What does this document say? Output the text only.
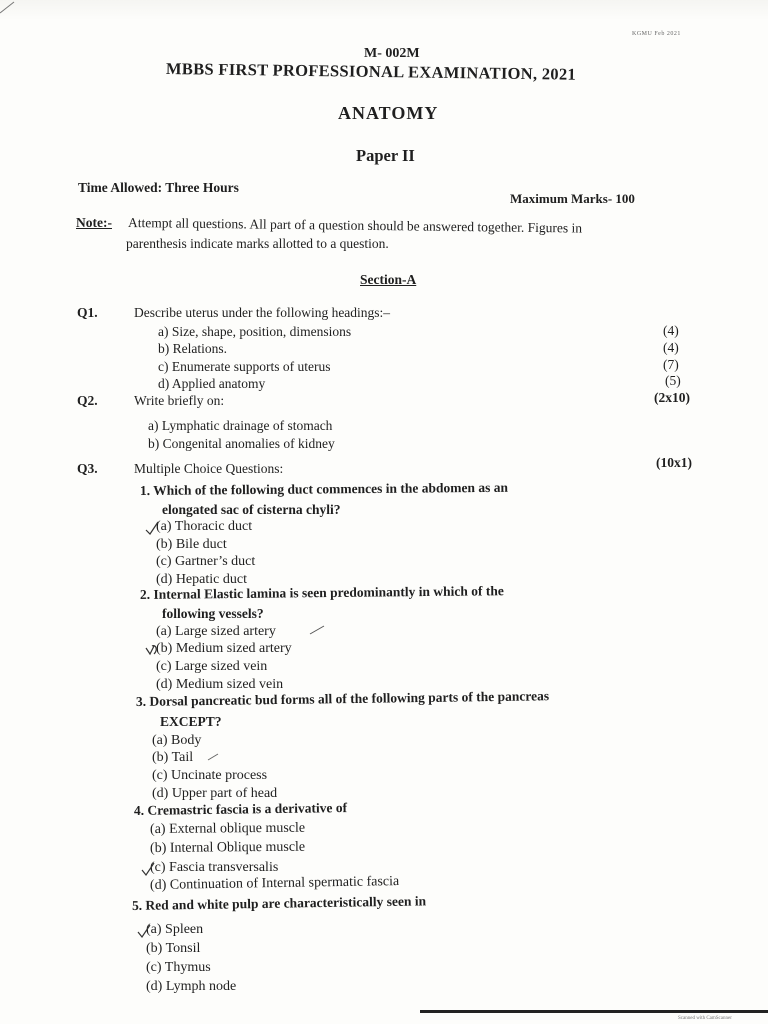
KGMU Feb 2021
M- 002M
MBBS FIRST PROFESSIONAL EXAMINATION, 2021
ANATOMY
Paper II
Time Allowed: Three Hours
Maximum Marks- 100
Note:- Attempt all questions. All part of a question should be answered together. Figures in
parenthesis indicate marks allotted to a question.
Section-A
Q1.	Describe uterus under the following headings:–
a) Size, shape, position, dimensions	(4)
b) Relations.	(4)
c) Enumerate supports of uterus	(7)
d) Applied anatomy	(5)
Q2.	Write briefly on:	(2x10)
a) Lymphatic drainage of stomach
b) Congenital anomalies of kidney
Q3.	Multiple Choice Questions:	(10x1)
1. Which of the following duct commences in the abdomen as an
elongated sac of cisterna chyli?
(a) Thoracic duct
(b) Bile duct
(c) Gartner’s duct
(d) Hepatic duct
2. Internal Elastic lamina is seen predominantly in which of the
following vessels?
(a) Large sized artery
(b) Medium sized artery
(c) Large sized vein
(d) Medium sized vein
3. Dorsal pancreatic bud forms all of the following parts of the pancreas
EXCEPT?
(a) Body
(b) Tail
(c) Uncinate process
(d) Upper part of head
4. Cremastric fascia is a derivative of
(a) External oblique muscle
(b) Internal Oblique muscle
(c) Fascia transversalis
(d) Continuation of Internal spermatic fascia
5. Red and white pulp are characteristically seen in
(a) Spleen
(b) Tonsil
(c) Thymus
(d) Lymph node
Scanned with CamScanner
